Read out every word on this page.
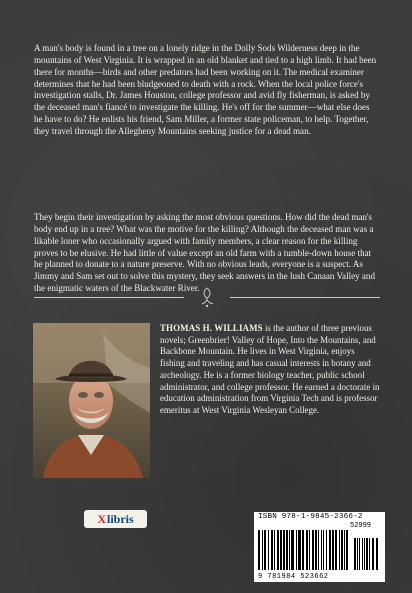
A man's body is found in a tree on a lonely ridge in the Dolly Sods Wilderness deep in the mountains of West Virginia. It is wrapped in an old blanket and tied to a high limb. It had been there for months—birds and other predators had been working on it. The medical examiner determines that he had been bludgeoned to death with a rock. When the local police force's investigation stalls, Dr. James Houston, college professor and avid fly fisherman, is asked by the deceased man's fiancé to investigate the killing. He's off for the summer—what else does he have to do? He enlists his friend, Sam Miller, a former state policeman, to help. Together, they travel through the Allegheny Mountains seeking justice for a dead man.

They begin their investigation by asking the most obvious questions. How did the dead man's body end up in a tree? What was the motive for the killing? Although the deceased man was a likable loner who occasionally argued with family members, a clear reason for the killing proves to be elusive. He had little of value except an old farm with a tumble-down house that he planned to donate to a nature preserve. With no obvious leads, everyone is a suspect. As Jimmy and Sam set out to solve this mystery, they seek answers in the lush Canaan Valley and the enigmatic waters of the Blackwater River.

THOMAS H. WILLIAMS is the author of three previous novels; Greenbrier! Valley of Hope, Into the Mountains, and Backbone Mountain. He lives in West Virginia, enjoys fishing and traveling and has casual interests in botany and archeology. He is a former biology teacher, public school administrator, and college professor. He earned a doctorate in education administration from Virginia Tech and is professor emeritus at West Virginia Wesleyan College.

X libris	ISBN 978-1-9845-2366-2
52999
9 781984 523662
